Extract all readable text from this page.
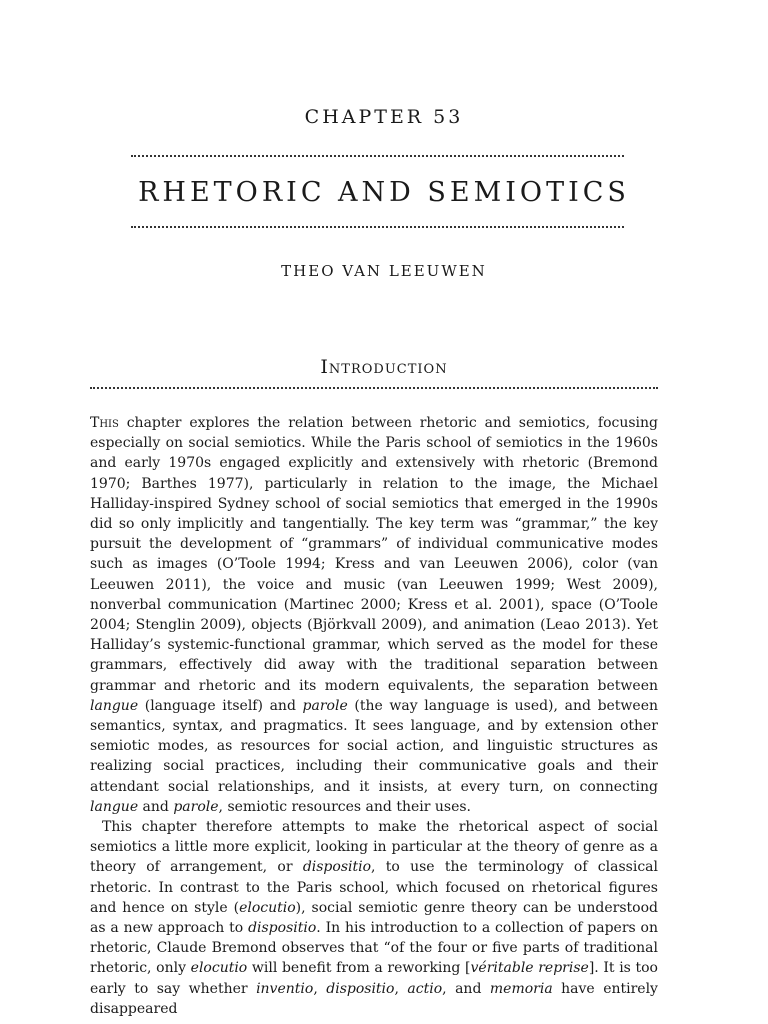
CHAPTER 53
RHETORIC AND SEMIOTICS
THEO VAN LEEUWEN
Introduction

This chapter explores the relation between rhetoric and semiotics, focusing especially on social semiotics. While the Paris school of semiotics in the 1960s and early 1970s engaged explicitly and extensively with rhetoric (Bremond 1970; Barthes 1977), particularly in relation to the image, the Michael Halliday-inspired Sydney school of social semiotics that emerged in the 1990s did so only implicitly and tangentially. The key term was “grammar,” the key pursuit the development of “grammars” of individual communicative modes such as images (O’Toole 1994; Kress and van Leeuwen 2006), color (van Leeuwen 2011), the voice and music (van Leeuwen 1999; West 2009), nonverbal communication (Martinec 2000; Kress et al. 2001), space (O’Toole 2004; Stenglin 2009), objects (Björkvall 2009), and animation (Leao 2013). Yet Halliday’s systemic-functional grammar, which served as the model for these grammars, effectively did away with the traditional separation between grammar and rhetoric and its modern equivalents, the separation between langue (language itself) and parole (the way language is used), and between semantics, syntax, and pragmatics. It sees language, and by extension other semiotic modes, as resources for social action, and linguistic structures as realizing social practices, including their communicative goals and their attendant social relationships, and it insists, at every turn, on connecting langue and parole, semiotic resources and their uses.

This chapter therefore attempts to make the rhetorical aspect of social semiotics a little more explicit, looking in particular at the theory of genre as a theory of arrangement, or dispositio, to use the terminology of classical rhetoric. In contrast to the Paris school, which focused on rhetorical figures and hence on style (elocutio), social semiotic genre theory can be understood as a new approach to dispositio. In his introduction to a collection of papers on rhetoric, Claude Bremond observes that “of the four or five parts of traditional rhetoric, only elocutio will benefit from a reworking [véritable reprise]. It is too early to say whether inventio, dispositio, actio, and memoria have entirely disappeared
